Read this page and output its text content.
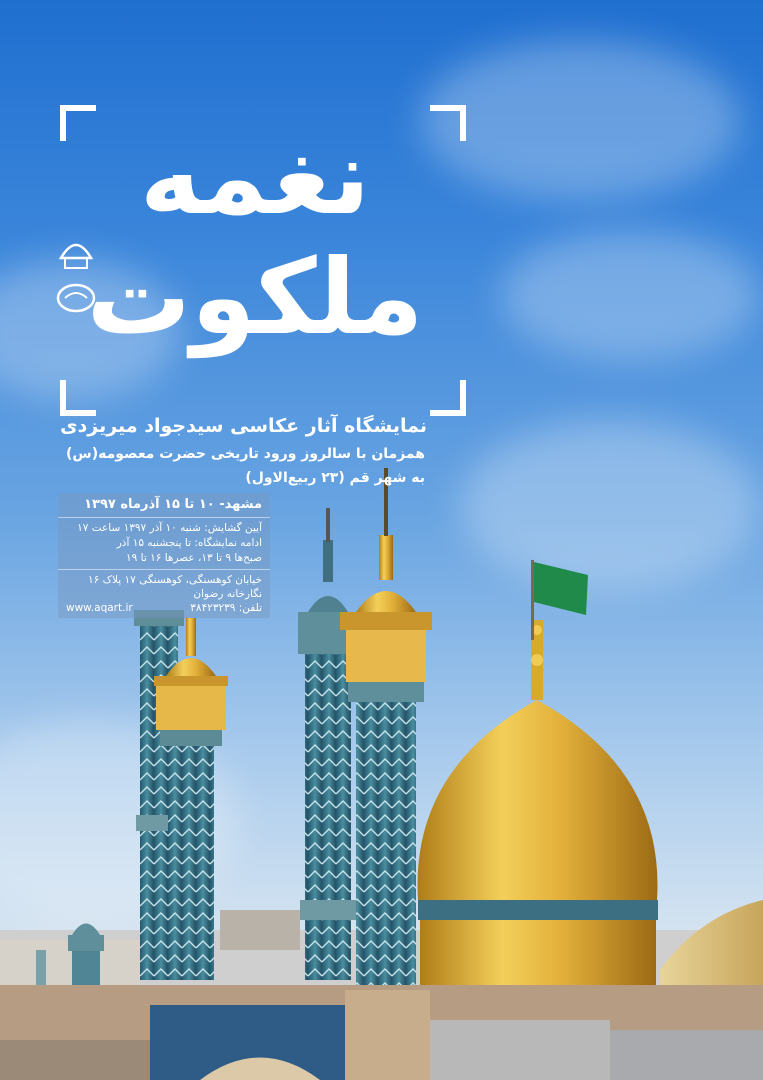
نغمه
ملکوت
نمایشگاه آثار عکاسی سیدجواد میریزدی
همزمان با سالروز ورود تاریخی حضرت معصومه(س)
به شهر قم (۲۳ ربیع‌الاول)
مشهد- ۱۰ تا ۱۵ آذرماه ۱۳۹۷
آیین گشایش: شنبه ۱۰ آذر ۱۳۹۷ ساعت ۱۷
ادامه نمایشگاه: تا پنجشنبه ۱۵ آذر
صبح‌ها ۹ تا ۱۳، عصرها ۱۶ تا ۱۹
خیابان کوهسنگی، کوهسنگی ۱۷ پلاک ۱۶
نگارخانه رضوان
www.aqart.ir	تلفن: ۳۸۴۲۳۲۳۹
